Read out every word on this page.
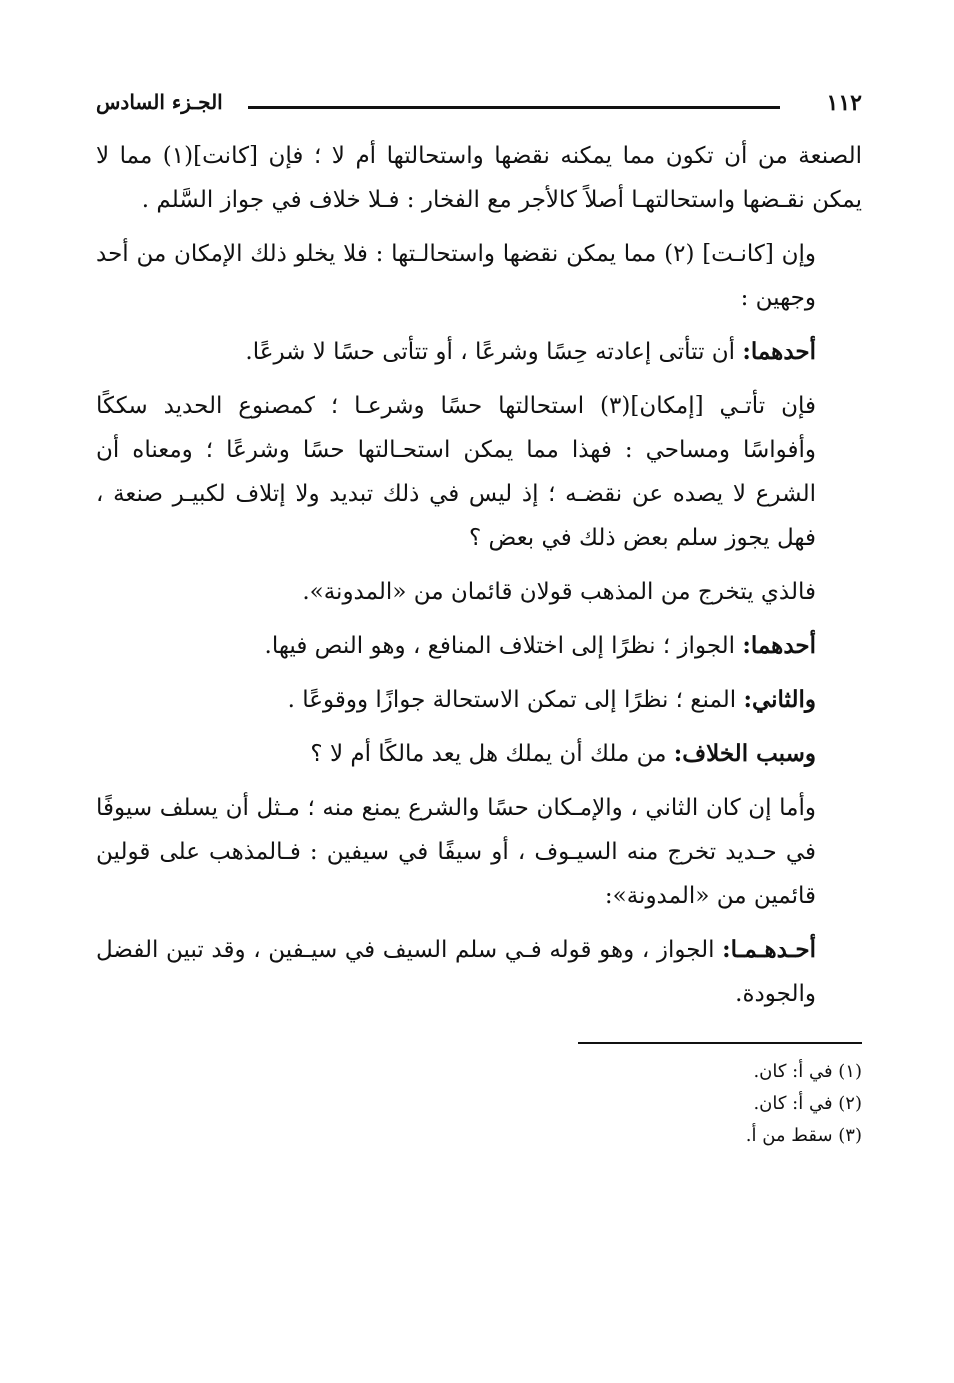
١١٢
الجـزء السادس

الصنعة من أن تكون مما يمكنه نقضها واستحالتها أم لا ؛ فإن [كانت](١) مما لا يمكن نقـضها واستحالتهـا أصلاً كالأجر مع الفخار : فـلا خلاف في جواز السَّلم .

وإن [كانـت] (٢) مما يمكن نقضها واستحالـتها : فلا يخلو ذلك الإمكان من أحد وجهين :

أحدهما: أن تتأتى إعادته حِسًا وشرعًا ، أو تتأتى حسًا لا شرعًا.

فإن تأتـي [إمكان](٣) استحالتها حسًا وشرعـا ؛ كمصنوع الحديد سككًا وأفواسًا ومساحي : فهذا مما يمكن استحـالتها حسًا وشرعًا ؛ ومعناه أن الشرع لا يصده عن نقضـه ؛ إذ ليس في ذلك تبديد ولا إتلاف لكبيـر صنعة ، فهل يجوز سلم بعض ذلك في بعض ؟

فالذي يتخرج من المذهب قولان قائمان من «المدونة».

أحدهما: الجواز ؛ نظرًا إلى اختلاف المنافع ، وهو النص فيها.

والثاني: المنع ؛ نظرًا إلى تمكن الاستحالة جوازًا ووقوعًا .

وسبب الخلاف: من ملك أن يملك هل يعد مالكًا أم لا ؟

وأما إن كان الثاني ، والإمـكان حسًا والشرع يمنع منه ؛ مـثل أن يسلف سيوفًا في حـديد تخرج منه السيـوف ، أو سيفًا في سيفين : فـالمذهب على قولين قائمين من «المدونة»:

أحـدهـمـا: الجواز ، وهو قوله فـي سلم السيف في سيـفين ، وقد تبين الفضل والجودة.

(١) في أ: كان.

(٢) في أ: كان.

(٣) سقط من أ.
